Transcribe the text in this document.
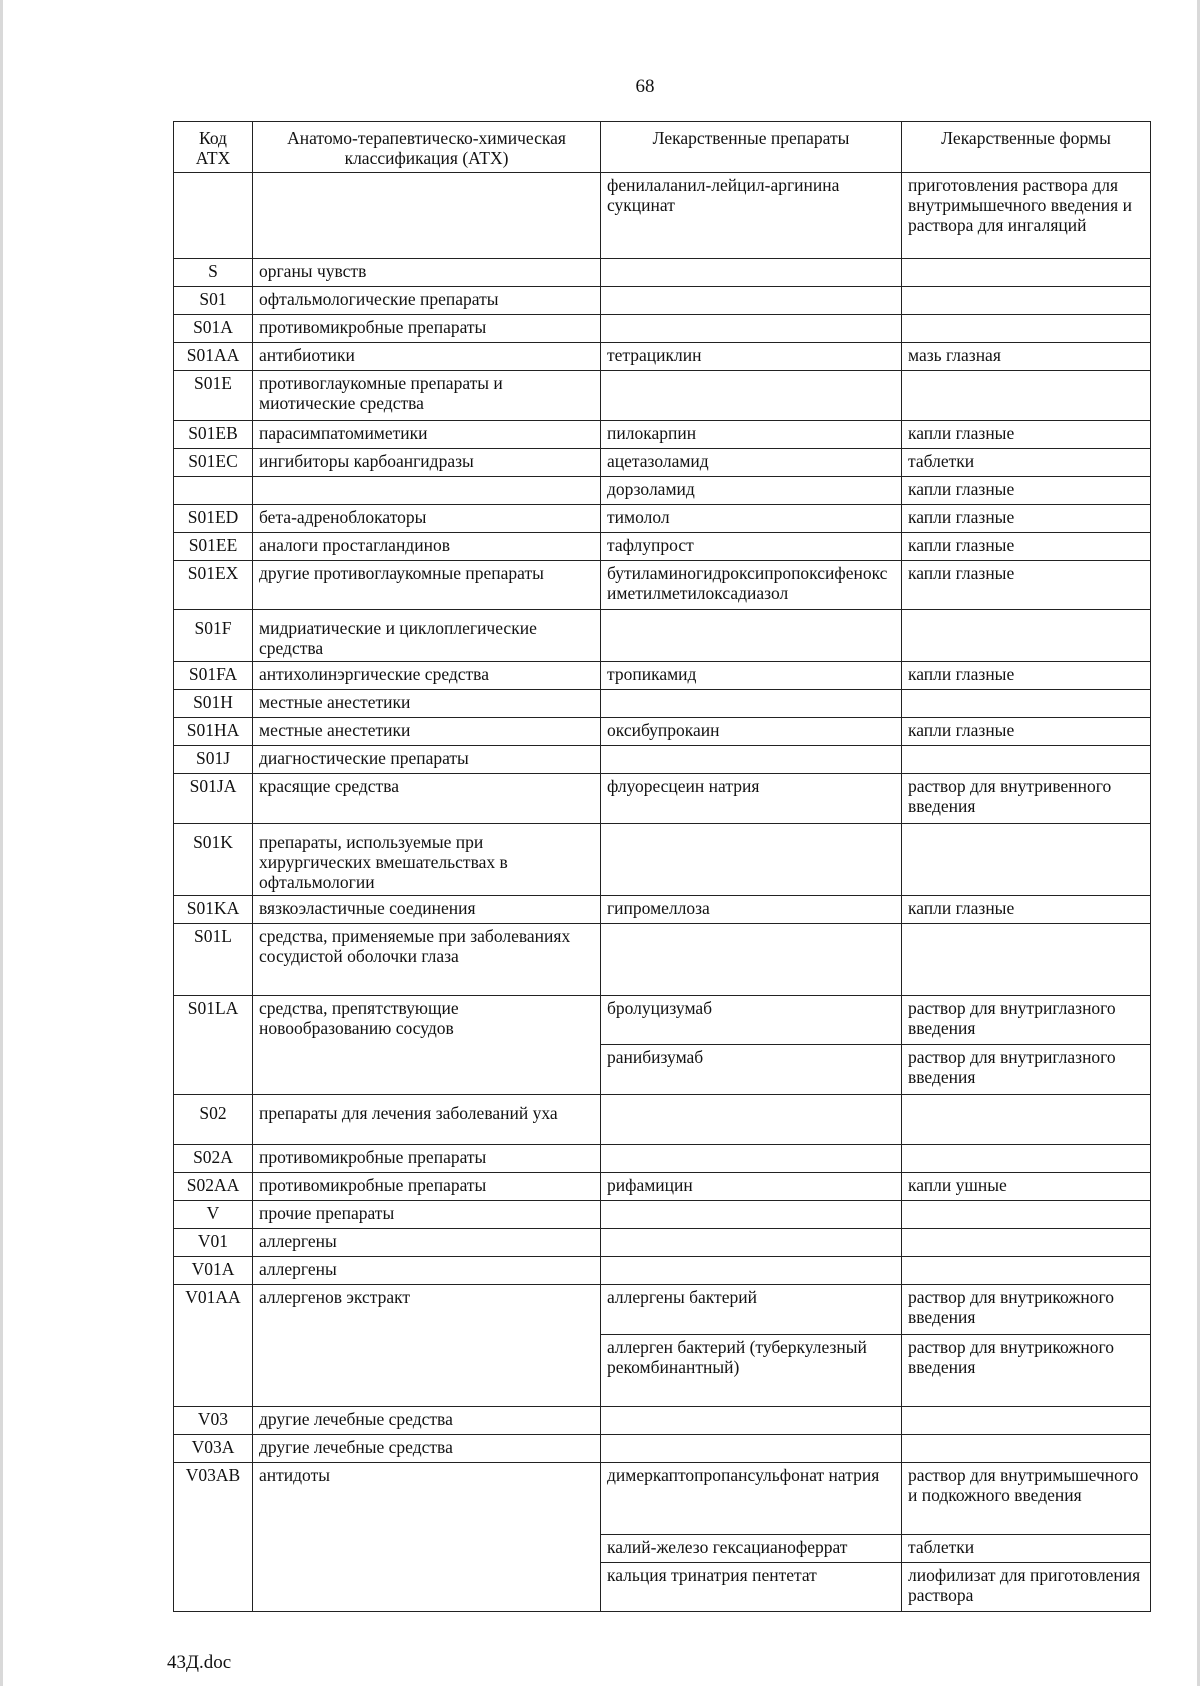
68
Код АТХ	Анатомо-терапевтическо-химическая классификация (АТХ)	Лекарственные препараты	Лекарственные формы
		фенилаланил-лейцил-аргинина сукцинат	приготовления раствора для внутримышечного введения и раствора для ингаляций
S	органы чувств		
S01	офтальмологические препараты		
S01A	противомикробные препараты		
S01AA	антибиотики	тетрациклин	мазь глазная
S01E	противоглаукомные препараты и миотические средства		
S01EB	парасимпатомиметики	пилокарпин	капли глазные
S01EC	ингибиторы карбоангидразы	ацетазоламид	таблетки
		дорзоламид	капли глазные
S01ED	бета-адреноблокаторы	тимолол	капли глазные
S01EE	аналоги простагландинов	тафлупрост	капли глазные
S01EX	другие противоглаукомные препараты	бутиламиногидроксипропоксифеноксиметилметилоксадиазол	капли глазные
S01F	мидриатические и циклоплегические средства		
S01FA	антихолинэргические средства	тропикамид	капли глазные
S01H	местные анестетики		
S01HA	местные анестетики	оксибупрокаин	капли глазные
S01J	диагностические препараты		
S01JA	красящие средства	флуоресцеин натрия	раствор для внутривенного введения
S01K	препараты, используемые при хирургических вмешательствах в офтальмологии		
S01KA	вязкоэластичные соединения	гипромеллоза	капли глазные
S01L	средства, применяемые при заболеваниях сосудистой оболочки глаза		
S01LA	средства, препятствующие новообразованию сосудов	бролуцизумаб	раствор для внутриглазного введения
		ранибизумаб	раствор для внутриглазного введения
S02	препараты для лечения заболеваний уха		
S02A	противомикробные препараты		
S02AA	противомикробные препараты	рифамицин	капли ушные
V	прочие препараты		
V01	аллергены		
V01A	аллергены		
V01AA	аллергенов экстракт	аллергены бактерий	раствор для внутрикожного введения
		аллерген бактерий (туберкулезный рекомбинантный)	раствор для внутрикожного введения
V03	другие лечебные средства		
V03A	другие лечебные средства		
V03AB	антидоты	димеркаптопропансульфонат натрия	раствор для внутримышечного и подкожного введения
		калий-железо гексацианоферрат	таблетки
		кальция тринатрия пентетат	лиофилизат для приготовления раствора
43Д.doc
